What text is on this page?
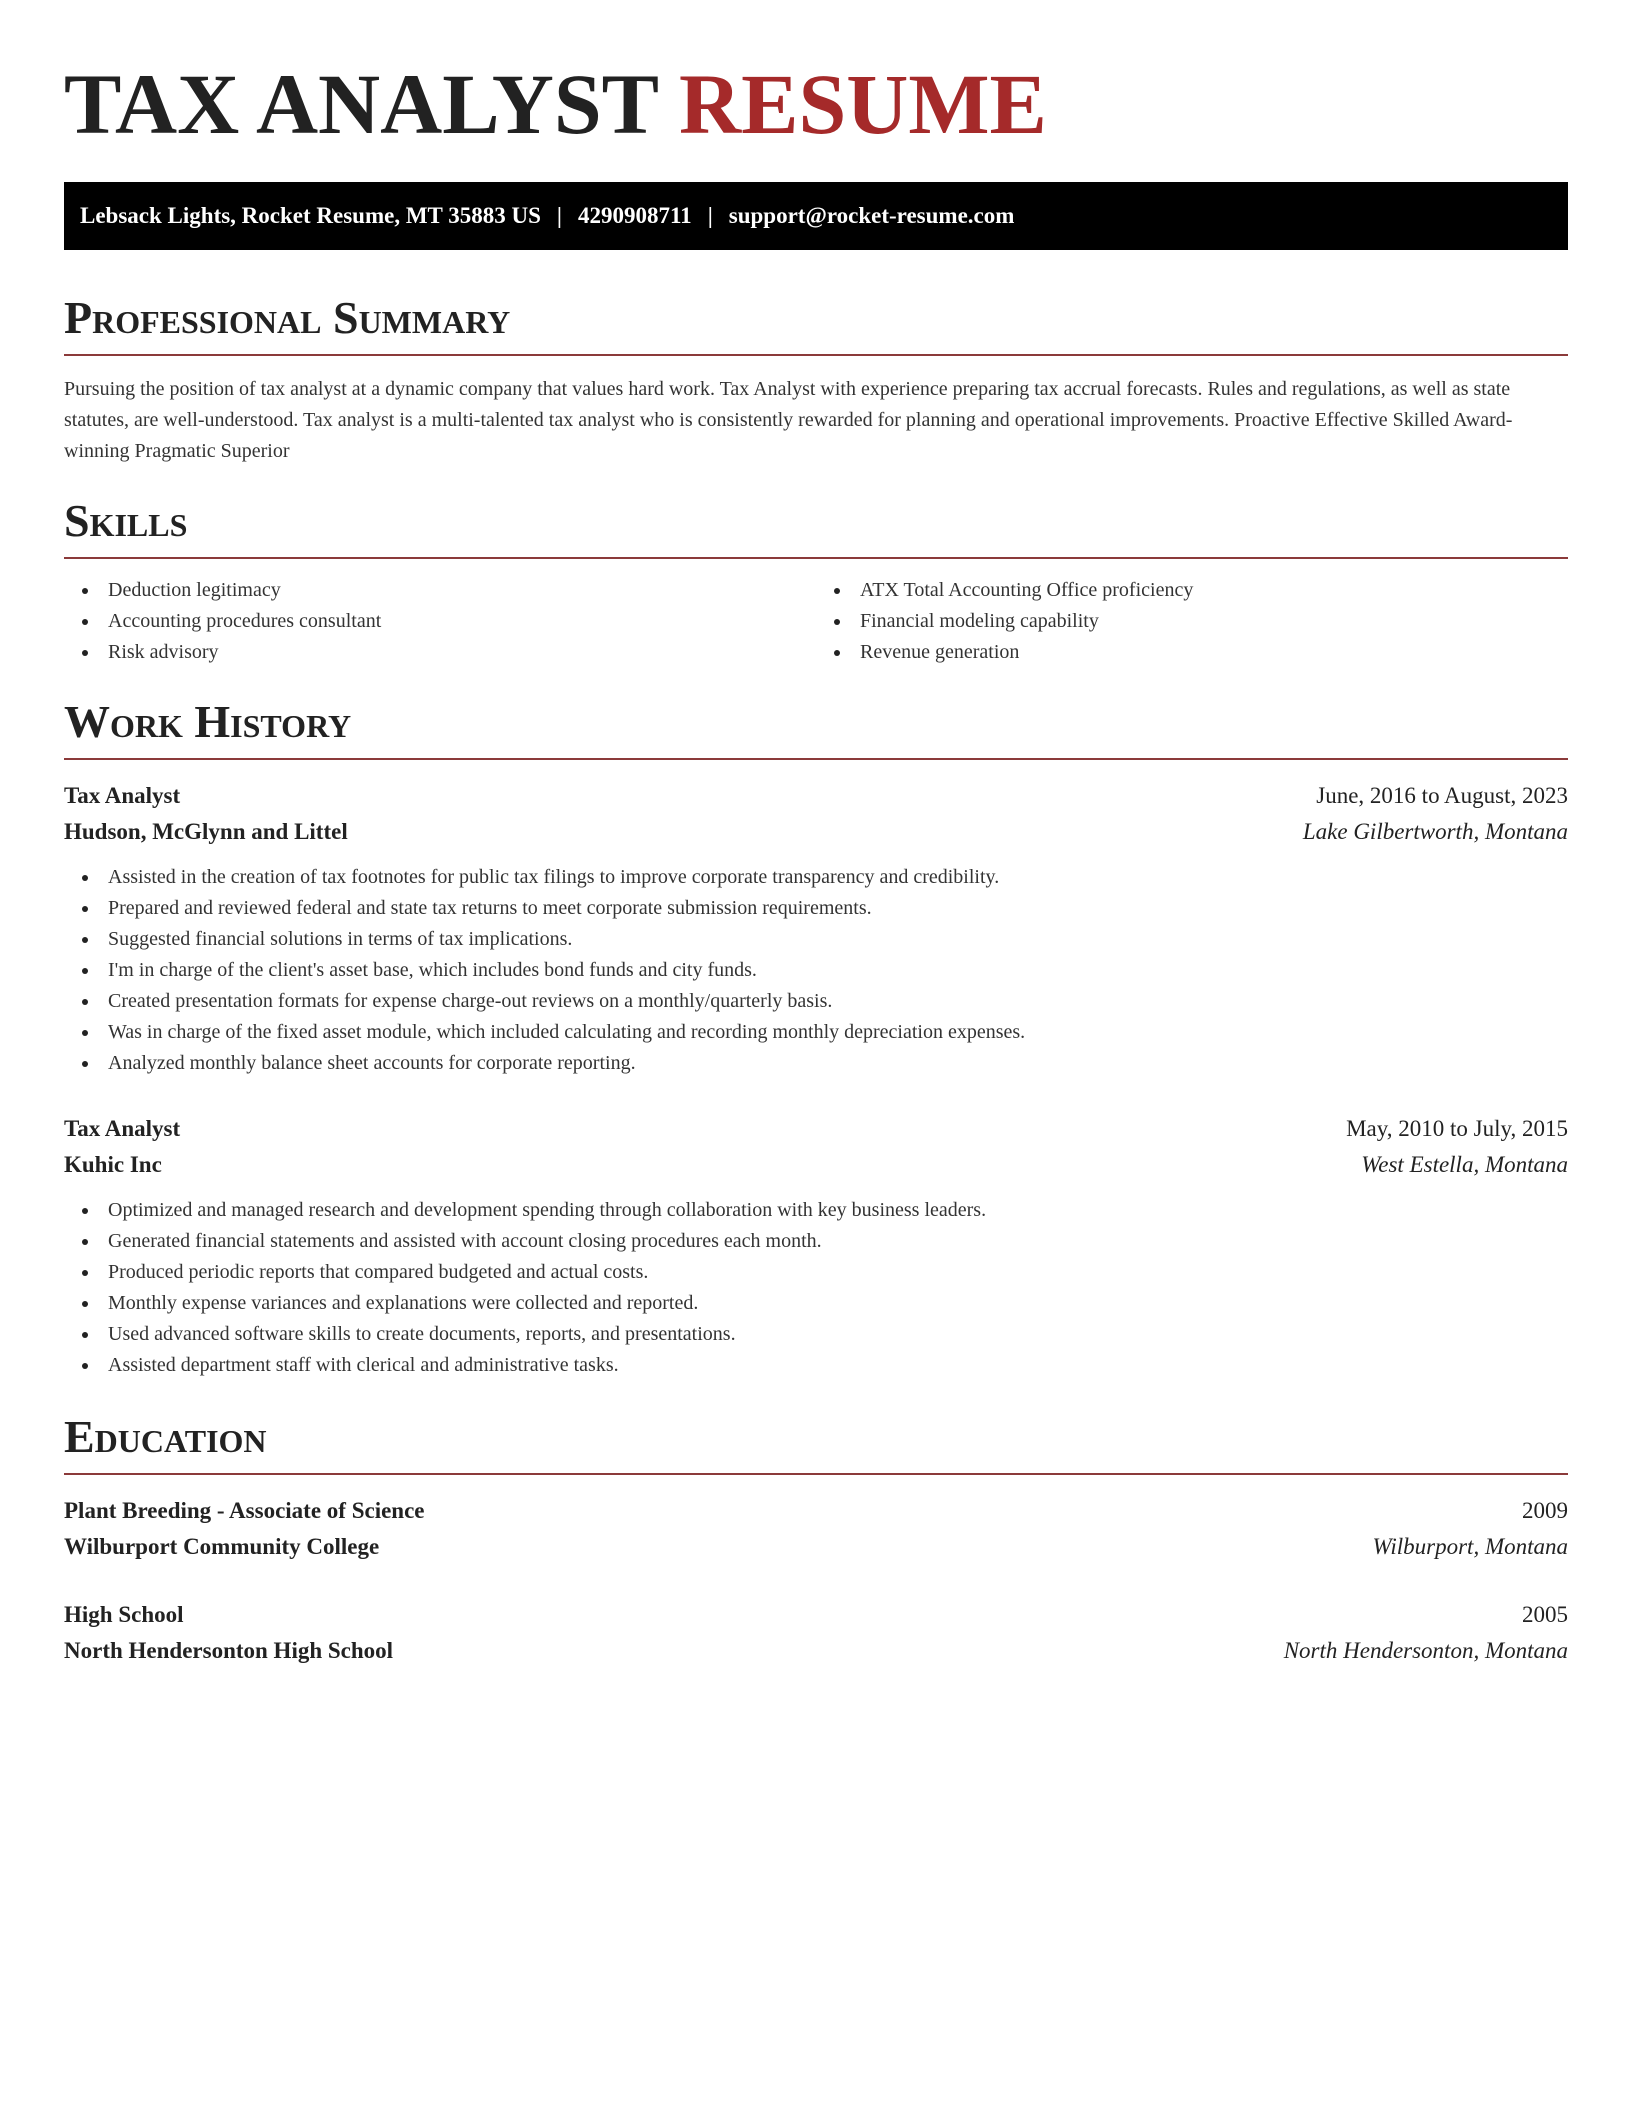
TAX ANALYST RESUME
Lebsack Lights, Rocket Resume, MT 35883 US | 4290908711 | support@rocket-resume.com
Professional Summary

Pursuing the position of tax analyst at a dynamic company that values hard work. Tax Analyst with experience preparing tax accrual forecasts. Rules and regulations, as well as state statutes, are well-understood. Tax analyst is a multi-talented tax analyst who is consistently rewarded for planning and operational improvements. Proactive Effective Skilled Award-winning Pragmatic Superior

Skills
Deduction legitimacy
Accounting procedures consultant
Risk advisory
ATX Total Accounting Office proficiency
Financial modeling capability
Revenue generation
Work History
Tax Analyst	June, 2016 to August, 2023
Hudson, McGlynn and Littel	Lake Gilbertworth, Montana
Assisted in the creation of tax footnotes for public tax filings to improve corporate transparency and credibility.
Prepared and reviewed federal and state tax returns to meet corporate submission requirements.
Suggested financial solutions in terms of tax implications.
I'm in charge of the client's asset base, which includes bond funds and city funds.
Created presentation formats for expense charge-out reviews on a monthly/quarterly basis.
Was in charge of the fixed asset module, which included calculating and recording monthly depreciation expenses.
Analyzed monthly balance sheet accounts for corporate reporting.
Tax Analyst	May, 2010 to July, 2015
Kuhic Inc	West Estella, Montana
Optimized and managed research and development spending through collaboration with key business leaders.
Generated financial statements and assisted with account closing procedures each month.
Produced periodic reports that compared budgeted and actual costs.
Monthly expense variances and explanations were collected and reported.
Used advanced software skills to create documents, reports, and presentations.
Assisted department staff with clerical and administrative tasks.
Education
Plant Breeding - Associate of Science	2009
Wilburport Community College	Wilburport, Montana
High School	2005
North Hendersonton High School	North Hendersonton, Montana
